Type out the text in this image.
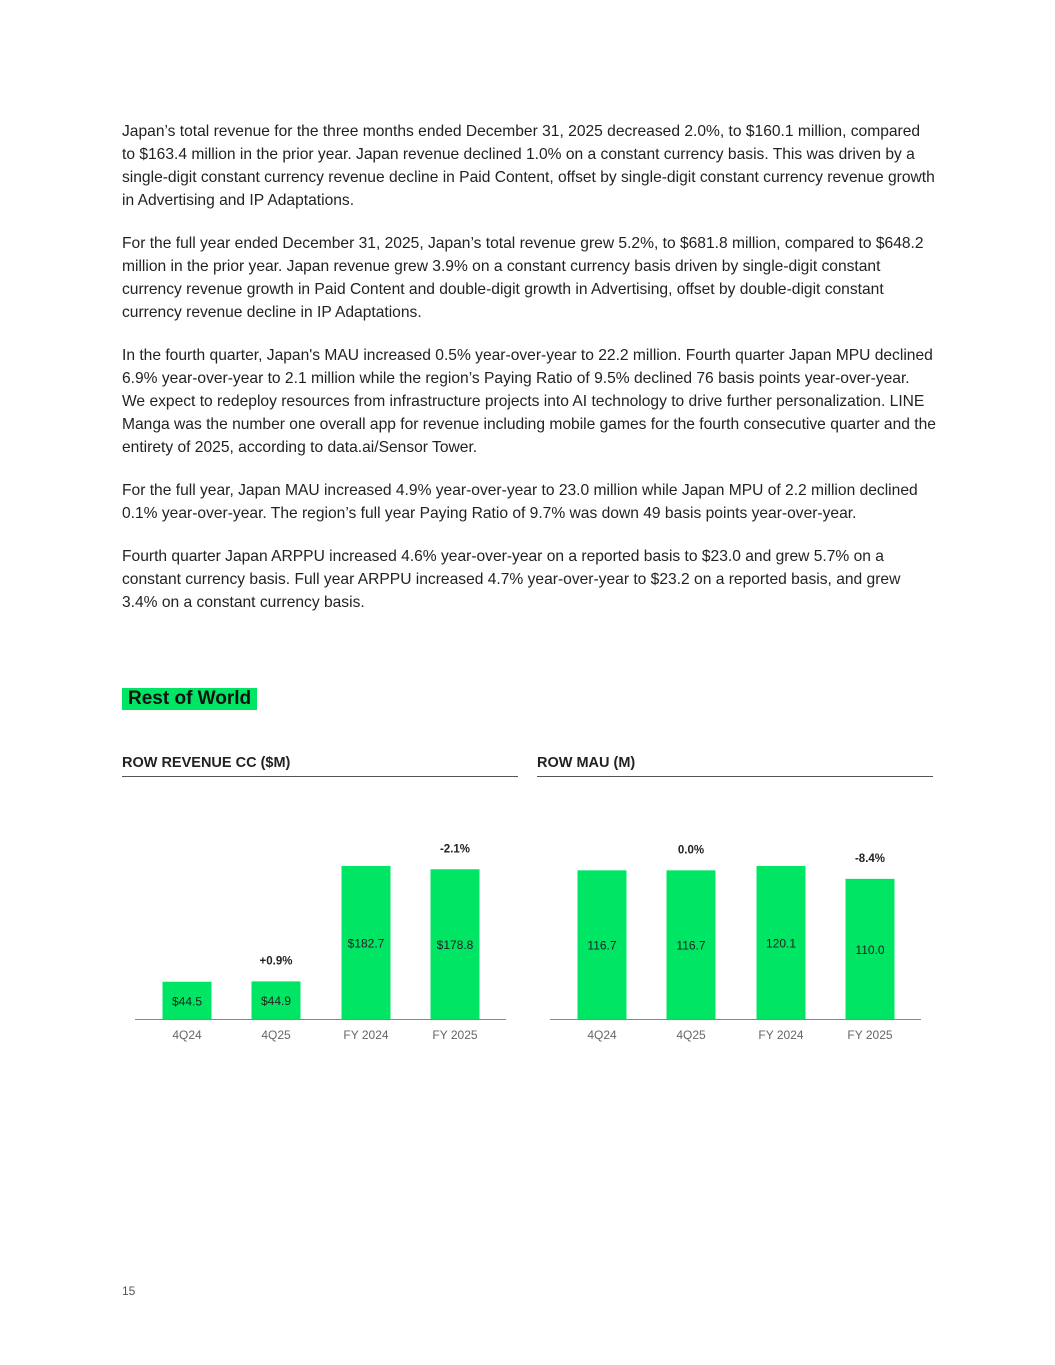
Japan’s total revenue for the three months ended December 31, 2025 decreased 2.0%, to $160.1 million, compared to $163.4 million in the prior year. Japan revenue declined 1.0% on a constant currency basis. This was driven by a single-digit constant currency revenue decline in Paid Content, offset by single-digit constant currency revenue growth in Advertising and IP Adaptations.

For the full year ended December 31, 2025, Japan’s total revenue grew 5.2%, to $681.8 million, compared to $648.2 million in the prior year. Japan revenue grew 3.9% on a constant currency basis driven by single-digit constant currency revenue growth in Paid Content and double-digit growth in Advertising, offset by double-digit constant currency revenue decline in IP Adaptations.

In the fourth quarter, Japan's MAU increased 0.5% year-over-year to 22.2 million. Fourth quarter Japan MPU declined 6.9% year-over-year to 2.1 million while the region’s Paying Ratio of 9.5% declined 76 basis points year-over-year. We expect to redeploy resources from infrastructure projects into AI technology to drive further personalization. LINE Manga was the number one overall app for revenue including mobile games for the fourth consecutive quarter and the entirety of 2025, according to data.ai/Sensor Tower.

For the full year, Japan MAU increased 4.9% year-over-year to 23.0 million while Japan MPU of 2.2 million declined 0.1% year-over-year. The region’s full year Paying Ratio of 9.7% was down 49 basis points year-over-year.

Fourth quarter Japan ARPPU increased 4.6% year-over-year on a reported basis to $23.0 and grew 5.7% on a constant currency basis. Full year ARPPU increased 4.7% year-over-year to $23.2 on a reported basis, and grew 3.4% on a constant currency basis.

Rest of World
ROW REVENUE CC ($M)
$44.5
4Q24
$44.9
4Q25
+0.9%
$182.7
FY 2024
$178.8
FY 2025
-2.1%
ROW MAU (M)
116.7
4Q24
116.7
4Q25
0.0%
120.1
FY 2024
110.0
FY 2025
-8.4%
15
